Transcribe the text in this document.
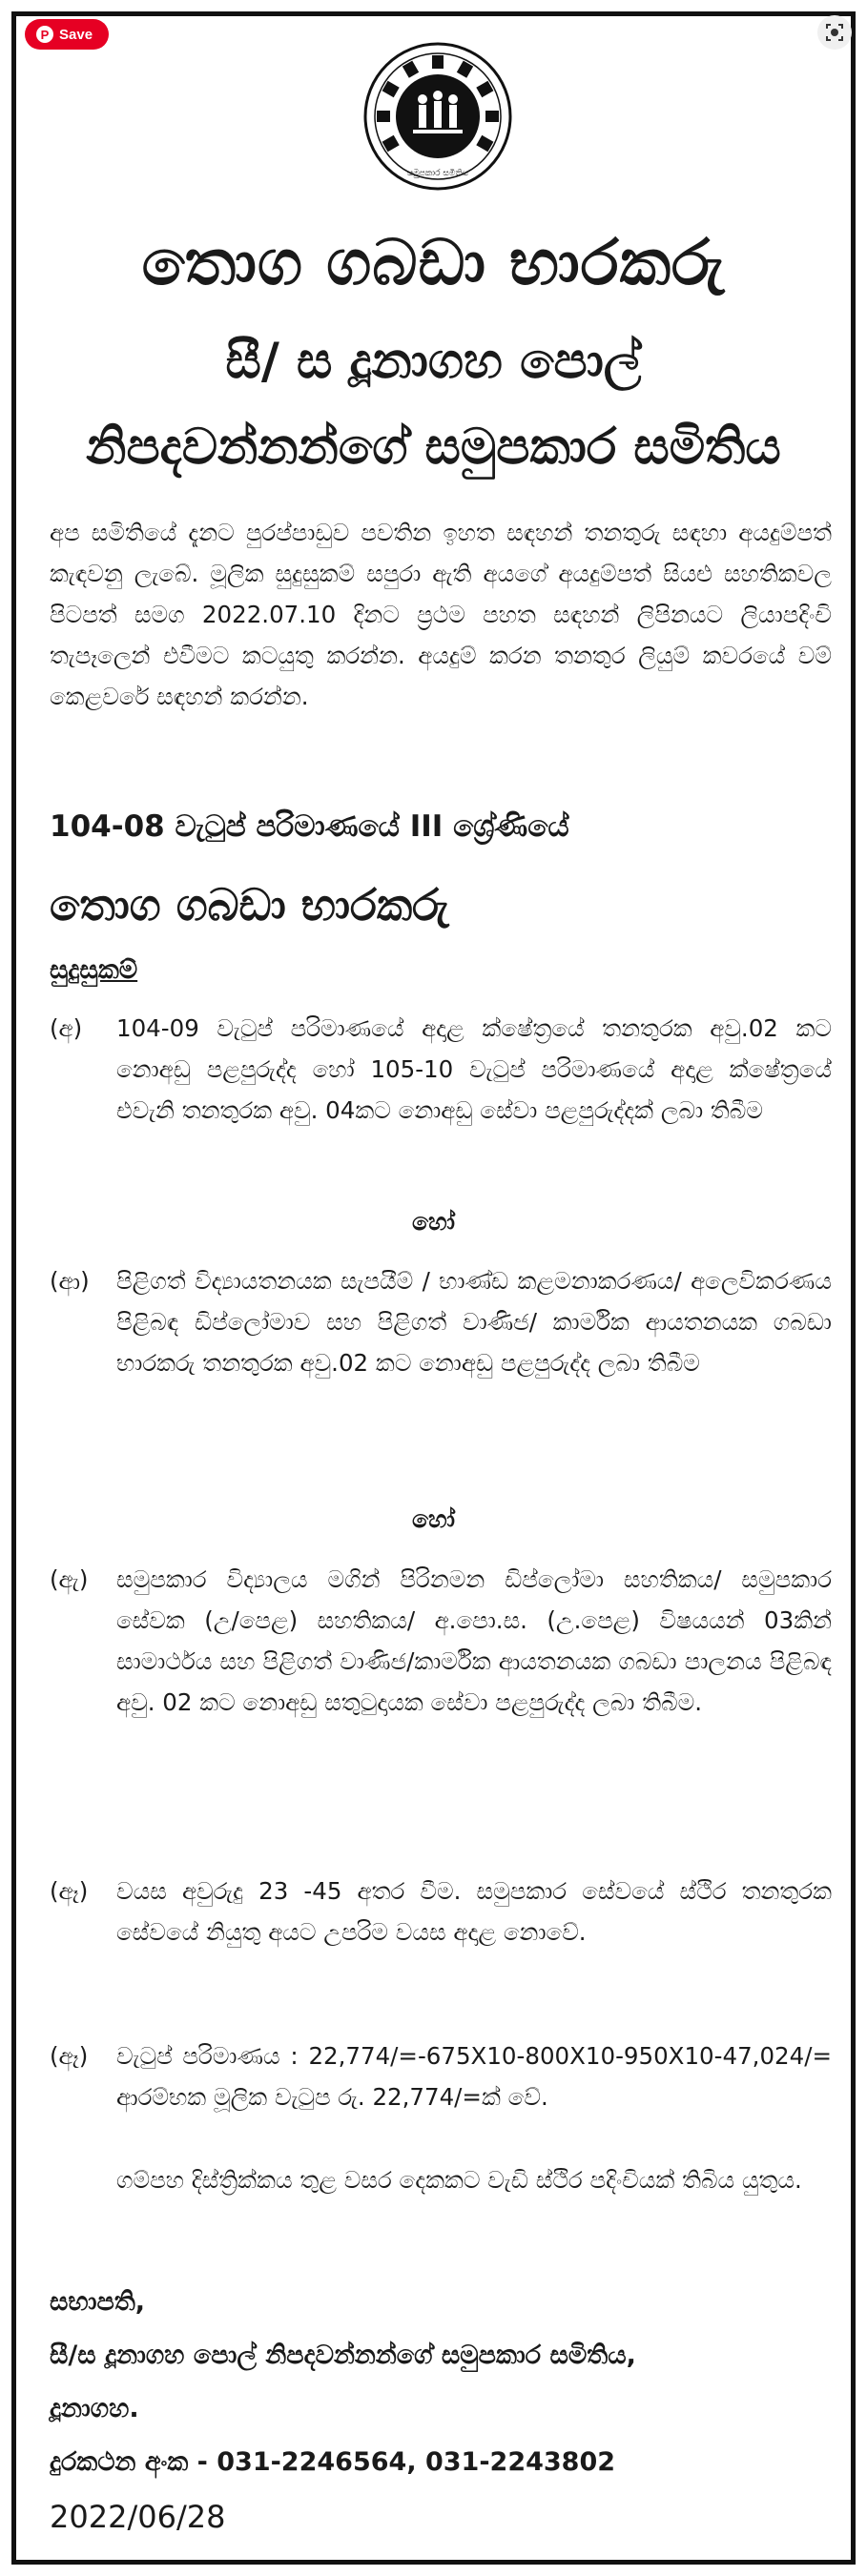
P Save
සමුපකාර සමිතිය
තොග ගබඩා භාරකරු
සී/ ස දූනාගහ පොල්
නිපදවන්නන්ගේ සමුපකාර සමිතිය
අප සමිතියේ දැනට පුරප්පාඩුව පවතින ඉහත සඳහන් තනතුරු සඳහා අයදුම්පත් කැඳවනු ලැබේ. මූලික සුදුසුකම් සපුරා ඇති අයගේ අයදුම්පත් සියළු සහතිකවල පිටපත් සමග 2022.07.10 දිනට ප්‍රථම පහත සඳහන් ලිපිනයට ලියාපදිංචි තැපෑලෙන් එවීමට කටයුතු කරන්න. අයදුම් කරන තනතුර ලියුම් කවරයේ වම් කෙළවරේ සඳහන් කරන්න.
104-08 වැටුප් පරිමාණයේ III ශ්‍රේණියේ
තොග ගබඩා භාරකරු
සුදුසුකම්
(අ)	104-09 වැටුප් පරිමාණයේ අදාළ ක්ෂේත්‍රයේ තනතුරක අවු.02 කට නොඅඩු පළපුරුද්ද හෝ 105-10 වැටුප් පරිමාණයේ අදාළ ක්ෂේත්‍රයේ එවැනි තනතුරක අවු. 04කට නොඅඩු සේවා පළපුරුද්දක් ලබා තිබීම
හෝ
(ආ)	පිළිගත් විද්‍යායතනයක සැපයීම් / භාණ්ඩ කළමනාකරණය/ අලෙවිකරණය පිළිබඳ ඩිප්ලෝමාව සහ පිළිගත් වාණිජ/ කාර්මික ආයතනයක ගබඩා භාරකරු තනතුරක අවු.02 කට නොඅඩු පළපුරුද්ද ලබා තිබීම
හෝ
(ඇ)	සමුපකාර විද්‍යාලය මගින් පිරිනමන ඩිප්ලෝමා සහතිකය/ සමුපකාර සේවක (උ/පෙළ) සහතිකය/ අ.පො.ස. (උ.පෙළ) විෂයයන් 03කින් සාමාර්ථය සහ පිළිගත් වාණිජ/කාර්මික ආයතනයක ගබඩා පාලනය පිළිබඳ අවු. 02 කට නොඅඩු සතුටුදායක සේවා පළපුරුද්ද ලබා තිබීම.
(ඈ)	වයස අවුරුදු 23 -45 අතර වීම. සමුපකාර සේවයේ ස්ථිර තනතුරක සේවයේ නියුතු අයට උපරිම වයස අදාළ නොවේ.
(ඈ)	වැටුප් පරිමාණය : 22,774/=-675X10-800X10-950X10-47,024/= ආරම්භක මූලික වැටුප රු. 22,774/=ක් වේ.
ගම්පහ දිස්ත්‍රික්කය තුළ වසර දෙකකට වැඩි ස්ථිර පදිංචියක් තිබිය යුතුය.
සභාපති,
සී/ස දූනාගහ පොල් නිපදවන්නන්ගේ සමුපකාර සමිතිය,
දූනාගහ.
දුරකථන අංක - 031-2246564, 031-2243802
2022/06/28
